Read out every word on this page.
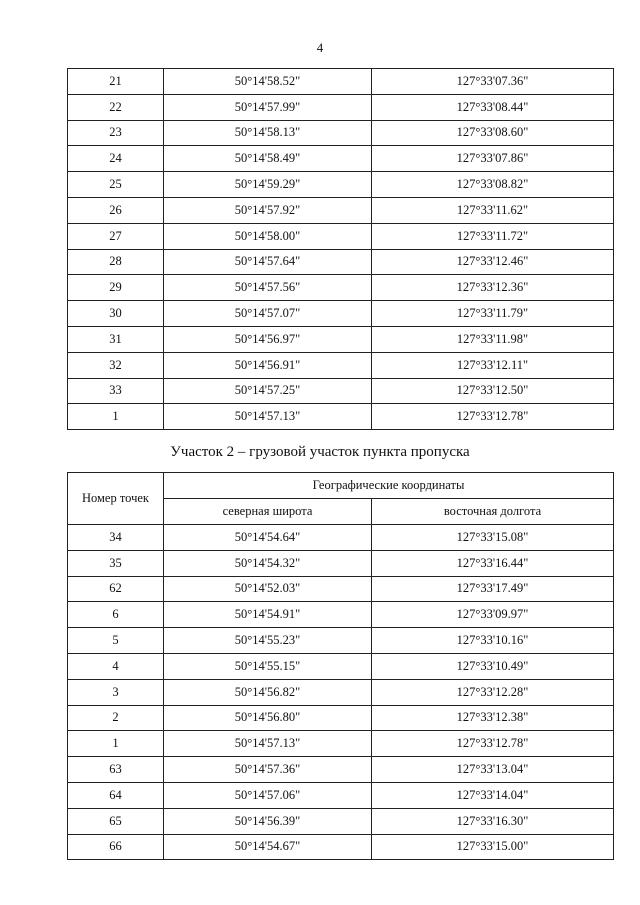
4
21	50°14'58.52"	127°33'07.36"
22	50°14'57.99"	127°33'08.44"
23	50°14'58.13"	127°33'08.60"
24	50°14'58.49"	127°33'07.86"
25	50°14'59.29"	127°33'08.82"
26	50°14'57.92"	127°33'11.62"
27	50°14'58.00"	127°33'11.72"
28	50°14'57.64"	127°33'12.46"
29	50°14'57.56"	127°33'12.36"
30	50°14'57.07"	127°33'11.79"
31	50°14'56.97"	127°33'11.98"
32	50°14'56.91"	127°33'12.11"
33	50°14'57.25"	127°33'12.50"
1	50°14'57.13"	127°33'12.78"
Участок 2 – грузовой участок пункта пропуска
Номер точек	Географические координаты	
	северная широта	восточная долгота
34	50°14'54.64"	127°33'15.08"
35	50°14'54.32"	127°33'16.44"
62	50°14'52.03"	127°33'17.49"
6	50°14'54.91"	127°33'09.97"
5	50°14'55.23"	127°33'10.16"
4	50°14'55.15"	127°33'10.49"
3	50°14'56.82"	127°33'12.28"
2	50°14'56.80"	127°33'12.38"
1	50°14'57.13"	127°33'12.78"
63	50°14'57.36"	127°33'13.04"
64	50°14'57.06"	127°33'14.04"
65	50°14'56.39"	127°33'16.30"
66	50°14'54.67"	127°33'15.00"
